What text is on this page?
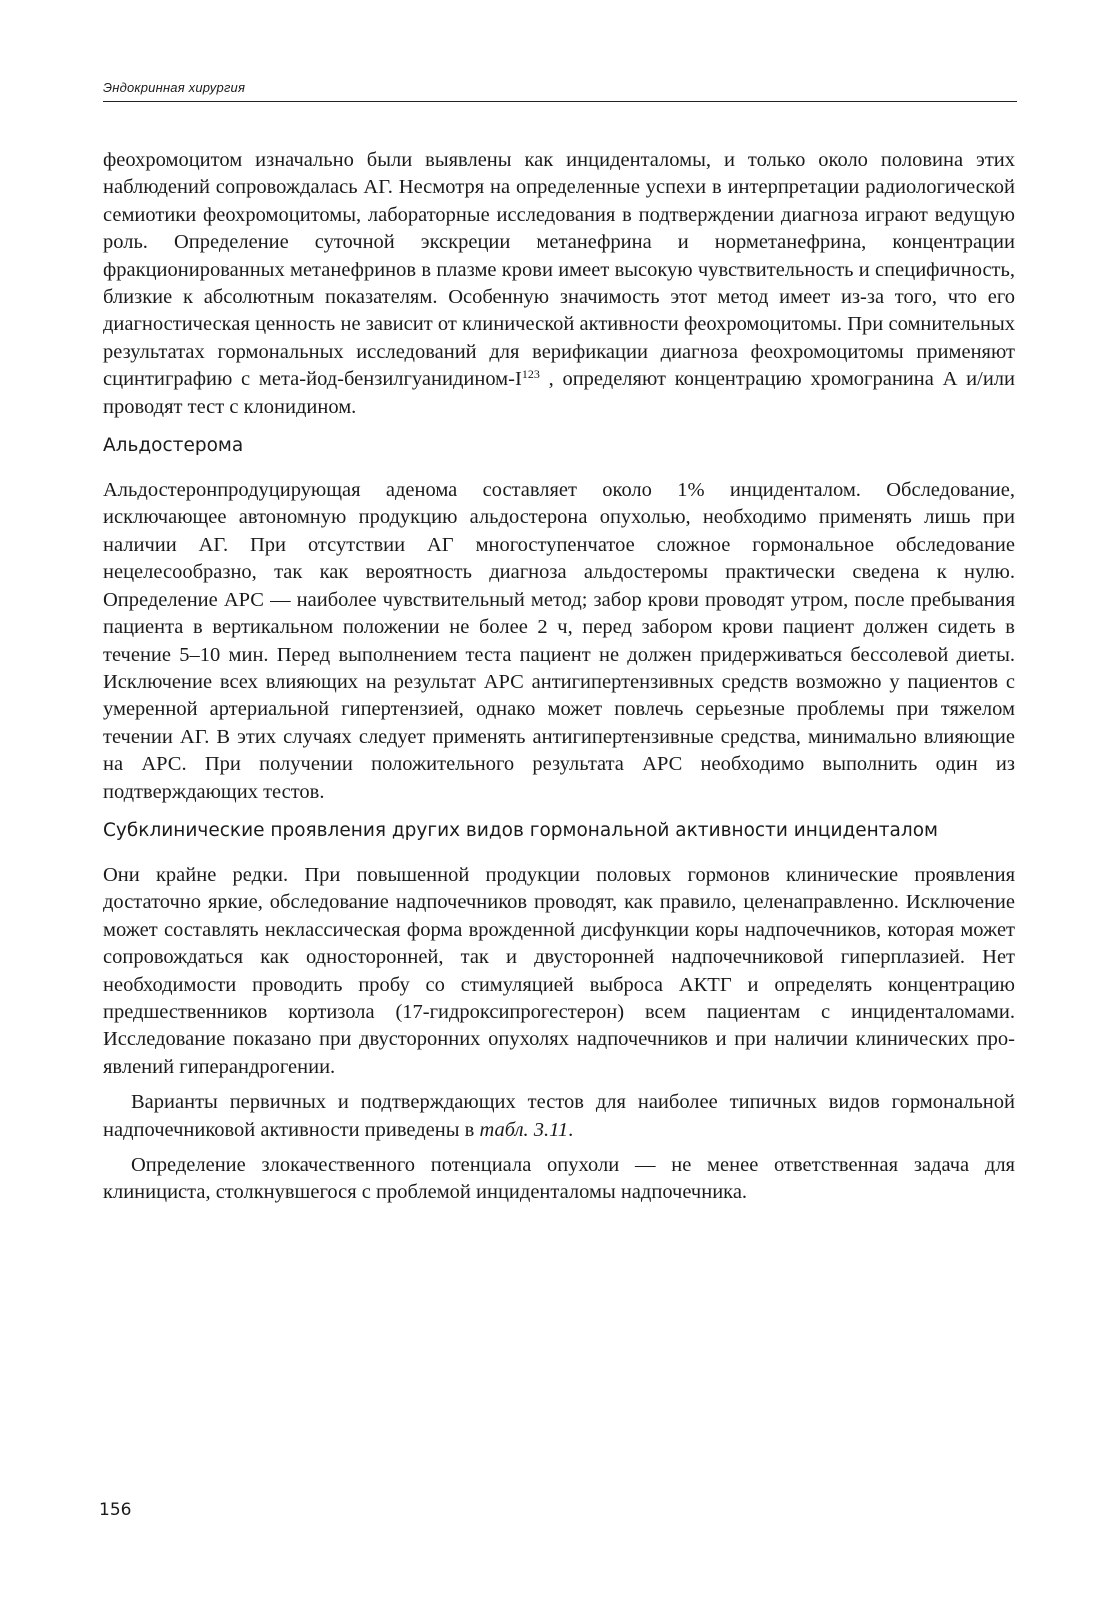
Эндокринная хирургия

феохромоцитом изначально были выявлены как инциденталомы, и только около половина этих наблюдений сопровождалась АГ. Несмотря на определенные успехи в интерпретации радиологической семиотики феохромоцитомы, лабораторные исследования в подтверждении диагноза играют ведущую роль. Определение суточной экскреции метанефрина и норметанефрина, концентрации фракционированных метанефринов в плазме крови имеет высокую чувствительность и специфичность, близкие к абсолютным показателям. Особенную значимость этот метод имеет из-за того, что его диагностическая ценность не зависит от клинической активности феохромоцитомы. При сомнительных результатах гормональных исследований для верификации диагноза феохромоцитомы применяют сцинтиграфию с мета-$йод-бензилгуанидином-I^{123}$ , определяют концентрацию хромогранина А и/или проводят тест с клонидином.

Альдостерома

Альдостеронпродуцирующая аденома составляет около 1% инциденталом. Обследование, исключающее автономную продукцию альдостерона опухолью, необходимо применять лишь при наличии АГ. При отсутствии АГ многоступенчатое сложное гормональное обследование нецелесообразно, так как вероятность диагноза альдостеромы практически сведена к нулю. Определение АРС — наиболее чувствительный метод; забор крови проводят утром, после пребывания пациента в вертикальном положении не более 2 ч, перед забором крови пациент должен сидеть в течение 5–10 мин. Перед выполнением теста пациент не должен придерживаться бессолевой диеты. Исключение всех влияющих на результат АРС антигипертензивных средств возможно у пациентов с умеренной артериальной гипертензией, однако может повлечь серьезные проблемы при тяжелом течении АГ. В этих случаях следует применять антигипертензивные средства, минимально влияющие на АРС. При получении положительного результата АРС необходимо выполнить один из подтверждающих тестов.

Субклинические проявления других видов гормональной активности инциденталом

Они крайне редки. При повышенной продукции половых гормонов клинические проявления достаточно яркие, обследование надпочечников проводят, как правило, целенаправленно. Исключение может составлять неклассическая форма врожденной дисфункции коры надпочечников, которая может сопровождаться как односторонней, так и двусторонней надпочечниковой гиперплазией. Нет необходимости проводить пробу со стимуляцией выброса АКТГ и определять концентрацию предшественников кортизола (17-гидроксипрогестерон) всем пациентам с инциденталомами. Исследование показано при двусторонних опухолях надпочечников и при наличии клинических проявлений гиперандрогении.

Варианты первичных и подтверждающих тестов для наиболее типичных видов гормональной надпочечниковой активности приведены в табл. 3.11.

Определение злокачественного потенциала опухоли — не менее ответственная задача для клинициста, столкнувшегося с проблемой инциденталомы надпочечника.

156
